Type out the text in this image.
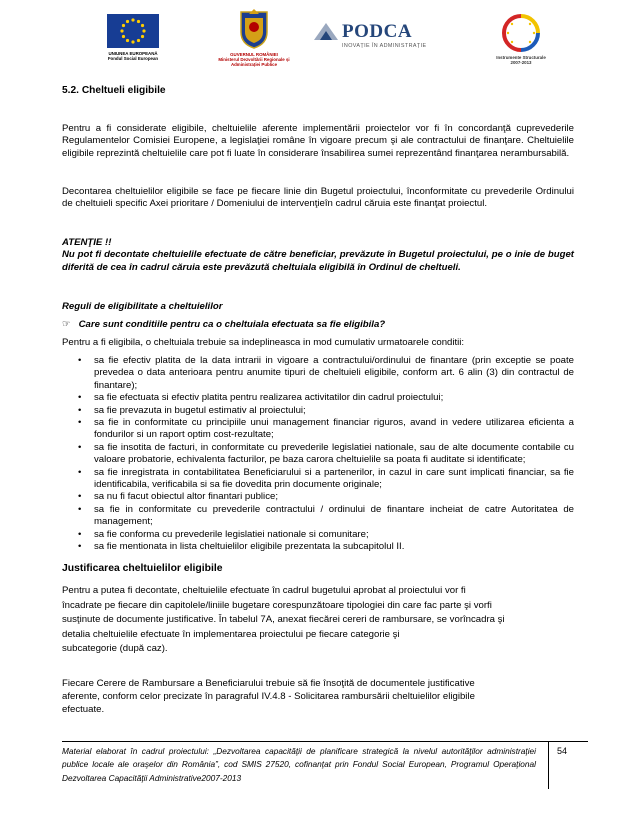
UNIUNEA EUROPEANĂ
Fondul Social European
GUVERNUL ROMÂNIEI
Ministerul Dezvoltării Regionale și Administrației Publice
PODCA
INOVAȚIE ÎN ADMINISTRAȚIE
Instrumente Structurale
2007-2013
5.2. Cheltueli eligibile

Pentru a fi considerate eligibile, cheltuielile aferente implementării proiectelor vor fi în concordanţă cuprevederile Regulamentelor Comisiei Europene, a legislaţiei române în vigoare precum şi ale contractului de finanţare. Cheltuielile eligibile reprezintă cheltuielile care pot fi luate în considerare însabilirea sumei reprezentând finanţarea nerambursabilă.

Decontarea cheltuielilor eligibile se face pe fiecare linie din Bugetul proiectului, înconformitate cu prevederile Ordinului de cheltuieli specific Axei prioritare / Domeniului de intervenţieîn cadrul căruia este finanţat proiectul.

ATENŢIE !!

Nu pot fi decontate cheltuielile efectuate de către beneficiar, prevăzute în Bugetul proiectului, pe o inie de buget diferită de cea în cadrul căruia este prevăzută cheltuiala eligibilă în Ordinul de cheltueli.

Reguli de eligibilitate a cheltuielilor

☞ Care sunt conditiile pentru ca o cheltuiala efectuata sa fie eligibila?

Pentru a fi eligibila, o cheltuiala trebuie sa indeplineasca in mod cumulativ urmatoarele conditii:

• sa fie efectiv platita de la data intrarii in vigoare a contractului/ordinului de finantare (prin exceptie se poate prevedea o data anterioara pentru anumite tipuri de cheltuieli eligibile, conform art. 6 alin (3) din contractul de finantare);
• sa fie efectuata si efectiv platita pentru realizarea activitatilor din cadrul proiectului;
• sa fie prevazuta in bugetul estimativ al proiectului;
• sa fie in conformitate cu principiile unui management financiar riguros, avand in vedere utilizarea eficienta a fondurilor si un raport optim cost-rezultate;
• sa fie insotita de facturi, in conformitate cu prevederile legislatiei nationale, sau de alte documente contabile cu valoare probatorie, echivalenta facturilor, pe baza carora cheltuielile sa poata fi auditate si identificate;
• sa fie inregistrata in contabilitatea Beneficiarului si a partenerilor, in cazul in care sunt implicati financiar, sa fie identificabila, verificabila si sa fie dovedita prin documente originale;
• sa nu fi facut obiectul altor finantari publice;
• sa fie in conformitate cu prevederile contractului / ordinului de finantare incheiat de catre Autoritatea de management;
• sa fie conforma cu prevederile legislatiei nationale si comunitare;
• sa fie mentionata in lista cheltuielilor eligibile prezentata la subcapitolul II.

Justificarea cheltuielilor eligibile

Pentru a putea fi decontate, cheltuielile efectuate în cadrul bugetului aprobat al proiectului vor fi
încadrate pe fiecare din capitolele/liniile bugetare corespunzătoare tipologiei din care fac parte şi vorfi
susţinute de documente justificative. În tabelul 7A, anexat fiecărei cereri de rambursare, se vorîncadra şi
detalia cheltuielile efectuate în implementarea proiectului pe fiecare categorie şi
subcategorie (după caz).
Fiecare Cerere de Rambursare a Beneficiarului trebuie să fie însoţită de documentele justificative
aferente, conform celor precizate în paragraful IV.4.8 - Solicitarea rambursării cheltuielilor eligibile
efectuate.
Material elaborat în cadrul proiectului: „Dezvoltarea capacităţii de planificare strategică la nivelul autorităţilor administraţiei publice locale ale oraşelor din România”, cod SMIS 27520, cofinanţat prin Fondul Social European, Programul Operaţional Dezvoltarea Capacităţii Administrative2007-2013
54
